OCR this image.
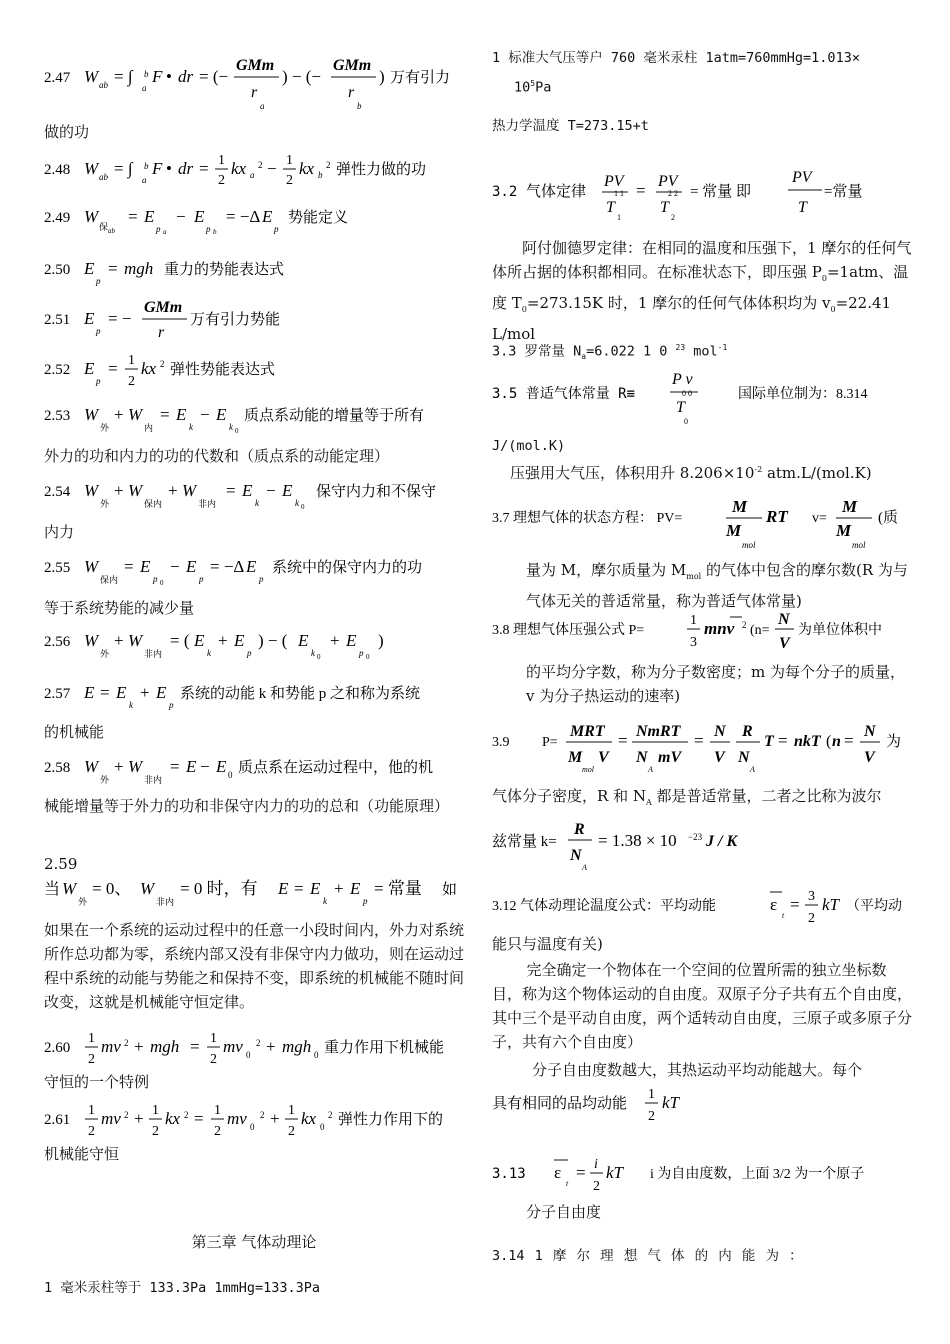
2.47 W ab = ∫ b
a
F • dr = (−
GMm
r
a
) − (−
GMm
r
b
) 万有引力
做的功
2.48 W ab = ∫ b
a
F • dr = 1
2
kx a
2 − 1
2
kx b
2 弹性力做的功
2.49 W
保 ab
= E
p a
− E
p b
= −Δ E
p
势能定义
2.50 E
p
= mgh 重力的势能表达式
2.51 E
p
= −
GMm
r
万有引力势能
2.52 E
p
= 1
2
kx 2 弹性势能表达式
2.53 W
外
+ W
内
= E
k
− E
k 0
质点系动能的增量等于所有
外力的功和内力的功的代数和（质点系的动能定理）
2.54 W
外
+ W
保内
+ W
非内
= E
k
− E
k 0
保守内力和不保守
内力
2.55 W
保内
= E
p 0
− E
p
= −Δ E
p
系统中的保守内力的功
等于系统势能的减少量
2.56 W
外
+ W
非内
= ( E
k
+ E
p
) − ( E
k 0
+ E
p 0
)
2.57 E = E
k
+ E
p
系统的动能 k 和势能 p 之和称为系统
的机械能
2.58 W
外
+ W
非内
= E − E 0 质点系在运动过程中，他的机
械能增量等于外力的功和非保守内力的功的总和（功能原理）
2.59
当 W
外
= 0、 W
非内
= 0 时，有 E = E
k
+ E
p
= 常量 如
如果在一个系统的运动过程中的任意一小段时间内，外力对系统所作总功都为零，系统内部又没有非保守内力做功，则在运动过程中系统的动能与势能之和保持不变，即系统的机械能不随时间改变，这就是机械能守恒定律。
2.60
1
2
mv 2 + mgh = 1
2
mv 0
2 + mgh 0 重力作用下机械能
守恒的一个特例
2.61
1
2
mv 2 + 1
2
kx 2 = 1
2
mv 0
2 + 1
2
kx 0
2 弹性力作用下的
机械能守恒
第三章 气体动理论
1 毫米汞柱等于 133.3Pa 1mmHg=133.3Pa
1 标准大气压等户 760 毫米汞柱 1atm=760mmHg=1.013×
$10^5Pa$
热力学温度 T=273.15+t
3.2 气体定律
PV
1 1
T
1
= PV
2 2
T
2
= 常量 即
PV
T
=常量
阿付伽德罗定律：在相同的温度和压强下，1 摩尔的任何气体所占据的体积都相同。在标准状态下，即压强 $P_0=1atm$、温度 $T_0=273.15K$ 时，1 摩尔的任何气体体积均为 $v_0=22.41$ L/mol
3.3 罗常量 $N_a=6.022$ 1 0 $^{23}$ mol$^{-1}$
3.5 普适气体常量 R≡
P v
0 0
T
0
国际单位制为：8.314
J/(mol.K)
压强用大气压，体积用升 $8.206\times 10^{-2}$ atm.L/(mol.K)
3.7 理想气体的状态方程： PV=
M
M
mol
RT v=
M
M
mol
(质
量为 M，摩尔质量为 $M_{mol}$ 的气体中包含的摩尔数(R 为与气体无关的普适常量，称为普适气体常量)
3.8 理想气体压强公式 P=
1
3
mnv 2 (n=
N
V
为单位体积中
的平均分字数，称为分子数密度；m 为每个分子的质量，v 为分子热运动的速率)
3.9 P=
MRT
M
mol
V
= NmRT
N
A
mV
= N
V
R
N
A
T = nkT ( n = N
V
为
气体分子密度，R 和 $N_A$ 都是普适常量，二者之比称为波尔
兹常量 k=
R
N
A
= 1.38 × 10 −23 J / K
3.12 气体动理论温度公式：平均动能	ε
t
= 3
2
kT （平均动
能只与温度有关)
完全确定一个物体在一个空间的位置所需的独立坐标数目，称为这个物体运动的自由度。双原子分子共有五个自由度，其中三个是平动自由度，两个适转动自由度，三原子或多原子分子，共有六个自由度）
分子自由度数越大，其热运动平均动能越大。每个
具有相同的品均动能
1
2
kT
3.13 ε
t
= i
2
kT i 为自由度数，上面 3/2 为一个原子
分子自由度
3.14 1 摩 尔 理 想 气 体 的 内 能 为 ：
